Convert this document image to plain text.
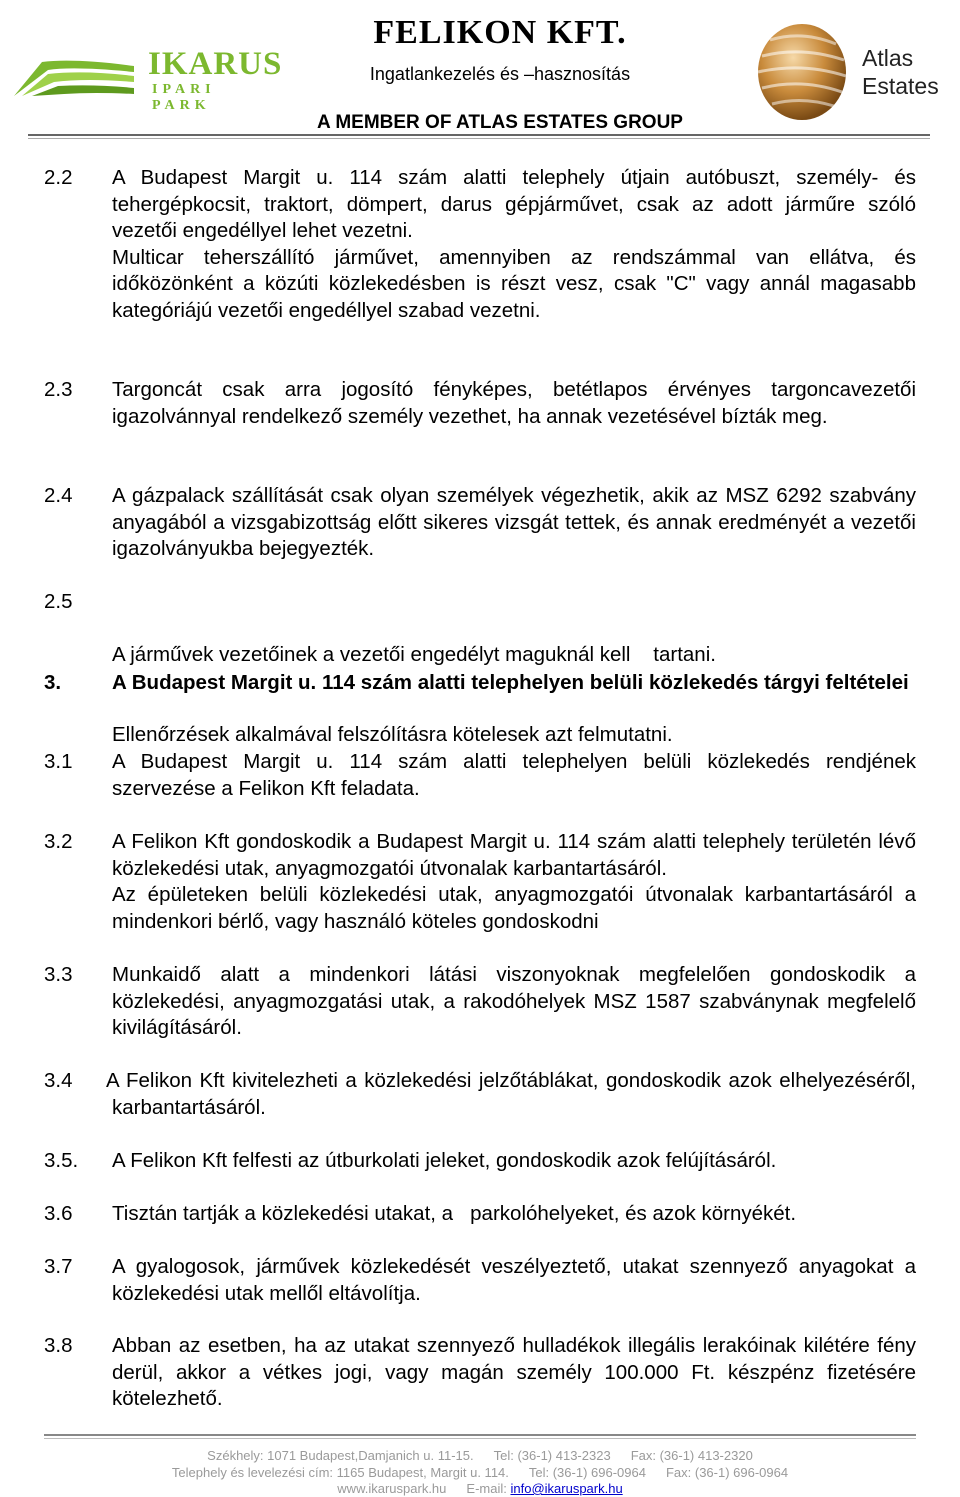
IKARUS
IPARI PARK
FELIKON KFT.
Ingatlankezelés és –hasznosítás
A MEMBER OF ATLAS ESTATES GROUP
Atlas
Estates
2.2 A Budapest Margit u. 114 szám alatti telephely útjain autóbuszt, személy- és tehergépkocsit, traktort, dömpert, darus gépjárművet, csak az adott járműre szóló vezetői engedéllyel lehet vezetni.
Multicar teherszállító járművet, amennyiben az rendszámmal van ellátva, és időközönként a közúti közlekedésben is részt vesz, csak "C" vagy annál magasabb kategóriájú vezetői engedéllyel szabad vezetni.
2.3 Targoncát csak arra jogosító fényképes, betétlapos érvényes targoncavezetői igazolvánnyal rendelkező személy vezethet, ha annak vezetésével bízták meg.
2.4 A gázpalack szállítását csak olyan személyek végezhetik, akik az MSZ 6292 szabvány anyagából a vizsgabizottság előtt sikeres vizsgát tettek, és annak eredményét a vezetői igazolványukba bejegyezték.
2.5

A járművek vezetőinek a vezetői engedélyt maguknál kell    tartani.

Ellenőrzések alkalmával felszólításra kötelesek azt felmutatni.

3. A Budapest Margit u. 114 szám alatti telephelyen belüli közlekedés tárgyi feltételei
3.1 A Budapest Margit u. 114 szám alatti telephelyen belüli közlekedés rendjének szervezése a Felikon Kft feladata.
3.2 A Felikon Kft gondoskodik a Budapest Margit u. 114 szám alatti telephely területén lévő közlekedési utak, anyagmozgatói útvonalak karbantartásáról.
Az épületeken belüli közlekedési utak, anyagmozgatói útvonalak karbantartásáról a mindenkori bérlő, vagy használó köteles gondoskodni
3.3 Munkaidő alatt a mindenkori látási viszonyoknak megfelelően gondoskodik a közlekedési, anyagmozgatási utak, a rakodóhelyek MSZ 1587 szabványnak megfelelő kivilágításáról.
3.4 A Felikon Kft kivitelezheti a közlekedési jelzőtáblákat, gondoskodik azok elhelyezéséről, karbantartásáról.
3.5. A Felikon Kft felfesti az útburkolati jeleket, gondoskodik azok felújításáról.
3.6 Tisztán tartják a közlekedési utakat, a   parkolóhelyeket, és azok környékét.
3.7 A gyalogosok, járművek közlekedését veszélyeztető, utakat szennyező anyagokat a közlekedési utak mellől eltávolítja.
3.8 Abban az esetben, ha az utakat szennyező hulladékok illegális lerakóinak kilétére fény derül, akkor a vétkes jogi, vagy magán személy 100.000 Ft. készpénz fizetésére kötelezhető.
Székhely: 1071 Budapest,Damjanich u. 11-15. Tel: (36-1) 413-2323 Fax: (36-1) 413-2320
Telephely és levelezési cím: 1165 Budapest, Margit u. 114. Tel: (36-1) 696-0964 Fax: (36-1) 696-0964
www.ikaruspark.hu E-mail: info@ikaruspark.hu
